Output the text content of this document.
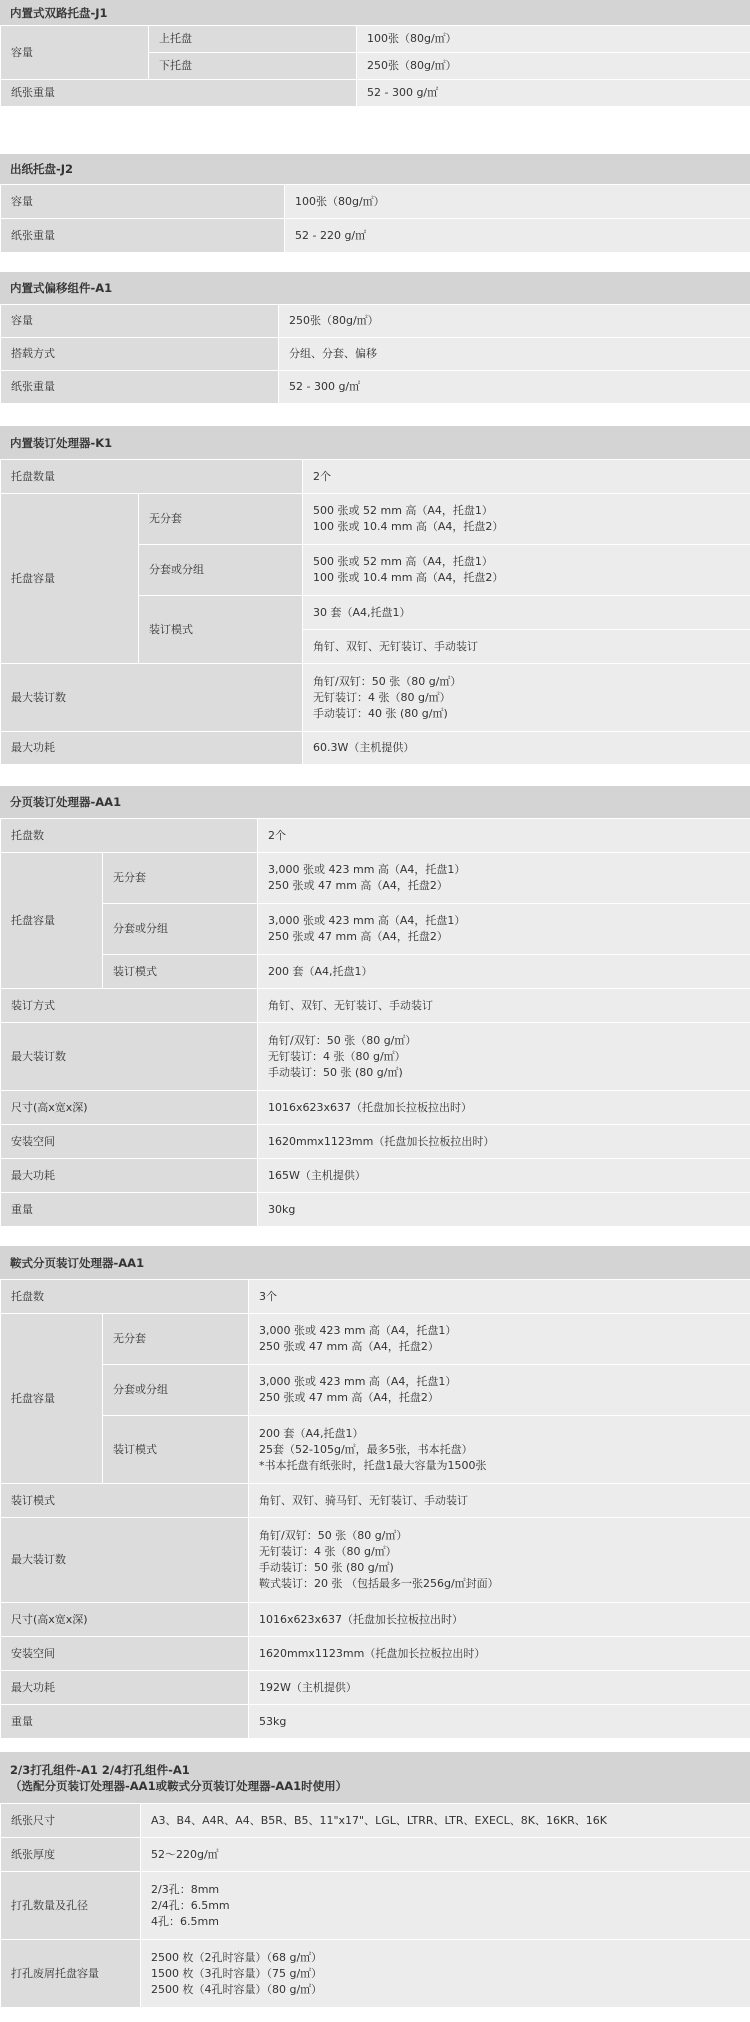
内置式双路托盘-J1
容量	上托盘	100张（80g/㎡）
	下托盘	250张（80g/㎡）
纸张重量		52 - 300 g/㎡
出纸托盘-J2
容量	100张（80g/㎡）
纸张重量	52 - 220 g/㎡
内置式偏移组件-A1
容量	250张（80g/㎡）
搭载方式	分组、分套、偏移
纸张重量	52 - 300 g/㎡
内置装订处理器-K1
托盘数量		2个
托盘容量	无分套	500 张或 52 mm 高（A4，托盘1）
100 张或 10.4 mm 高（A4，托盘2）

	分套或分组	500 张或 52 mm 高（A4，托盘1）
100 张或 10.4 mm 高（A4，托盘2）

	装订模式	30 套（A4,托盘1）
		角钉、双钉、无钉装订、手动装订
最大装订数		角钉/双钉：50 张（80 g/㎡）
无钉装订：4 张（80 g/㎡）
手动装订：40 张 (80 g/㎡)

最大功耗		60.3W（主机提供）
分页装订处理器-AA1
托盘数		2个
托盘容量	无分套	3,000 张或 423 mm 高（A4，托盘1）
250 张或 47 mm 高（A4，托盘2）

	分套或分组	3,000 张或 423 mm 高（A4，托盘1）
250 张或 47 mm 高（A4，托盘2）

	装订模式	200 套（A4,托盘1）
装订方式		角钉、双钉、无钉装订、手动装订
最大装订数		角钉/双钉：50 张（80 g/㎡）
无钉装订：4 张（80 g/㎡）
手动装订：50 张 (80 g/㎡)

尺寸(高x宽x深)		1016x623x637（托盘加长拉板拉出时）
安装空间		1620mmx1123mm（托盘加长拉板拉出时）
最大功耗		165W（主机提供）
重量		30kg
鞍式分页装订处理器-AA1
托盘数		3个
托盘容量	无分套	3,000 张或 423 mm 高（A4，托盘1）
250 张或 47 mm 高（A4，托盘2）

	分套或分组	3,000 张或 423 mm 高（A4，托盘1）
250 张或 47 mm 高（A4，托盘2）

	装订模式	200 套（A4,托盘1）
25套（52-105g/㎡，最多5张，书本托盘）
*书本托盘有纸张时，托盘1最大容量为1500张

装订模式		角钉、双钉、骑马钉、无钉装订、手动装订
最大装订数		角钉/双钉：50 张（80 g/㎡）
无钉装订：4 张（80 g/㎡）
手动装订：50 张 (80 g/㎡)
鞍式装订：20 张 （包括最多一张256g/㎡封面）

尺寸(高x宽x深)		1016x623x637（托盘加长拉板拉出时）
安装空间		1620mmx1123mm（托盘加长拉板拉出时）
最大功耗		192W（主机提供）
重量		53kg
2/3打孔组件-A1 2/4打孔组件-A1
（选配分页装订处理器-AA1或鞍式分页装订处理器-AA1时使用）
纸张尺寸	A3、B4、A4R、A4、B5R、B5、11"x17"、LGL、LTRR、LTR、EXECL、8K、16KR、16K
纸张厚度	52～220g/㎡
打孔数量及孔径	2/3孔：8mm
2/4孔：6.5mm
4孔：6.5mm

打孔废屑托盘容量	2500 枚（2孔时容量）（68 g/㎡）
1500 枚（3孔时容量）（75 g/㎡）
2500 枚（4孔时容量）（80 g/㎡）
